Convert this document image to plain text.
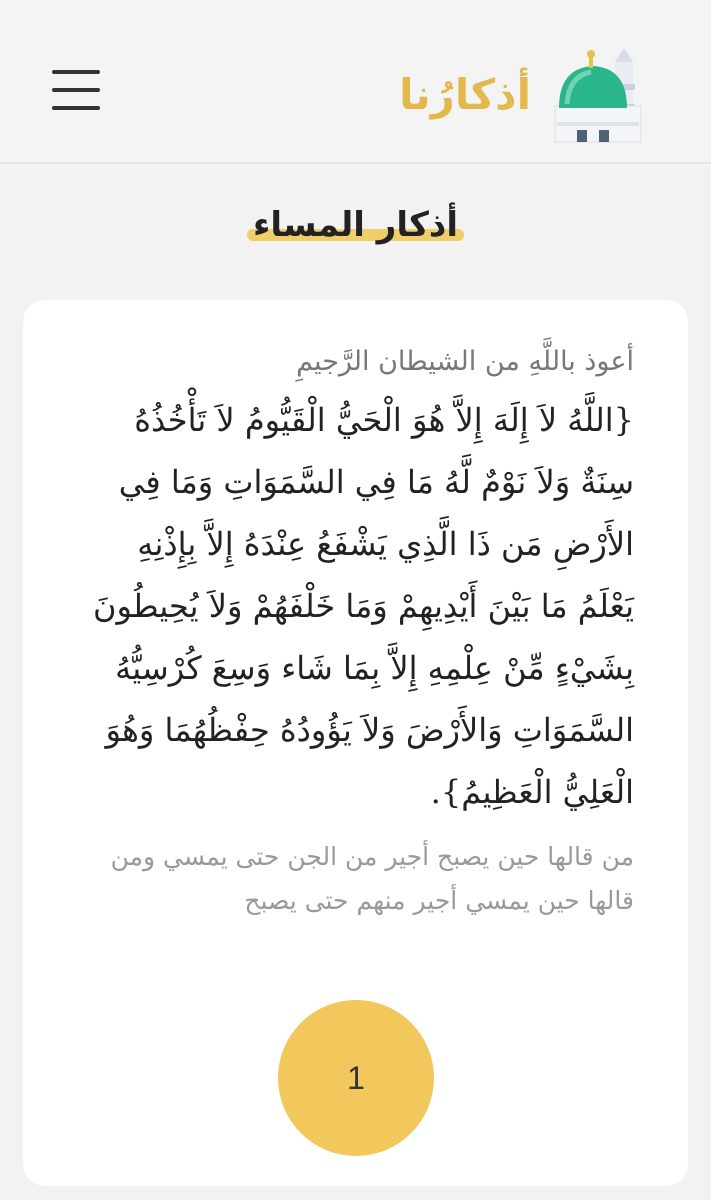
أذكارُنا
أذكار المساء

أعوذ باللَّهِ من الشيطان الرَّجيمِ

{اللَّهُ لاَ إِلَهَ إِلاَّ هُوَ الْحَيُّ الْقَيُّومُ لاَ تَأْخُذُهُ سِنَةٌ وَلاَ نَوْمٌ لَّهُ مَا فِي السَّمَوَاتِ وَمَا فِي الأَرْضِ مَن ذَا الَّذِي يَشْفَعُ عِنْدَهُ إِلاَّ بِإِذْنِهِ يَعْلَمُ مَا بَيْنَ أَيْدِيهِمْ وَمَا خَلْفَهُمْ وَلاَ يُحِيطُونَ بِشَيْءٍ مِّنْ عِلْمِهِ إِلاَّ بِمَا شَاء وَسِعَ كُرْسِيُّهُ السَّمَوَاتِ وَالأَرْضَ وَلاَ يَؤُودُهُ حِفْظُهُمَا وَهُوَ الْعَلِيُّ الْعَظِيمُ}.

من قالها حين يصبح أجير من الجن حتى يمسي ومن قالها حين يمسي أجير منهم حتى يصبح

1
